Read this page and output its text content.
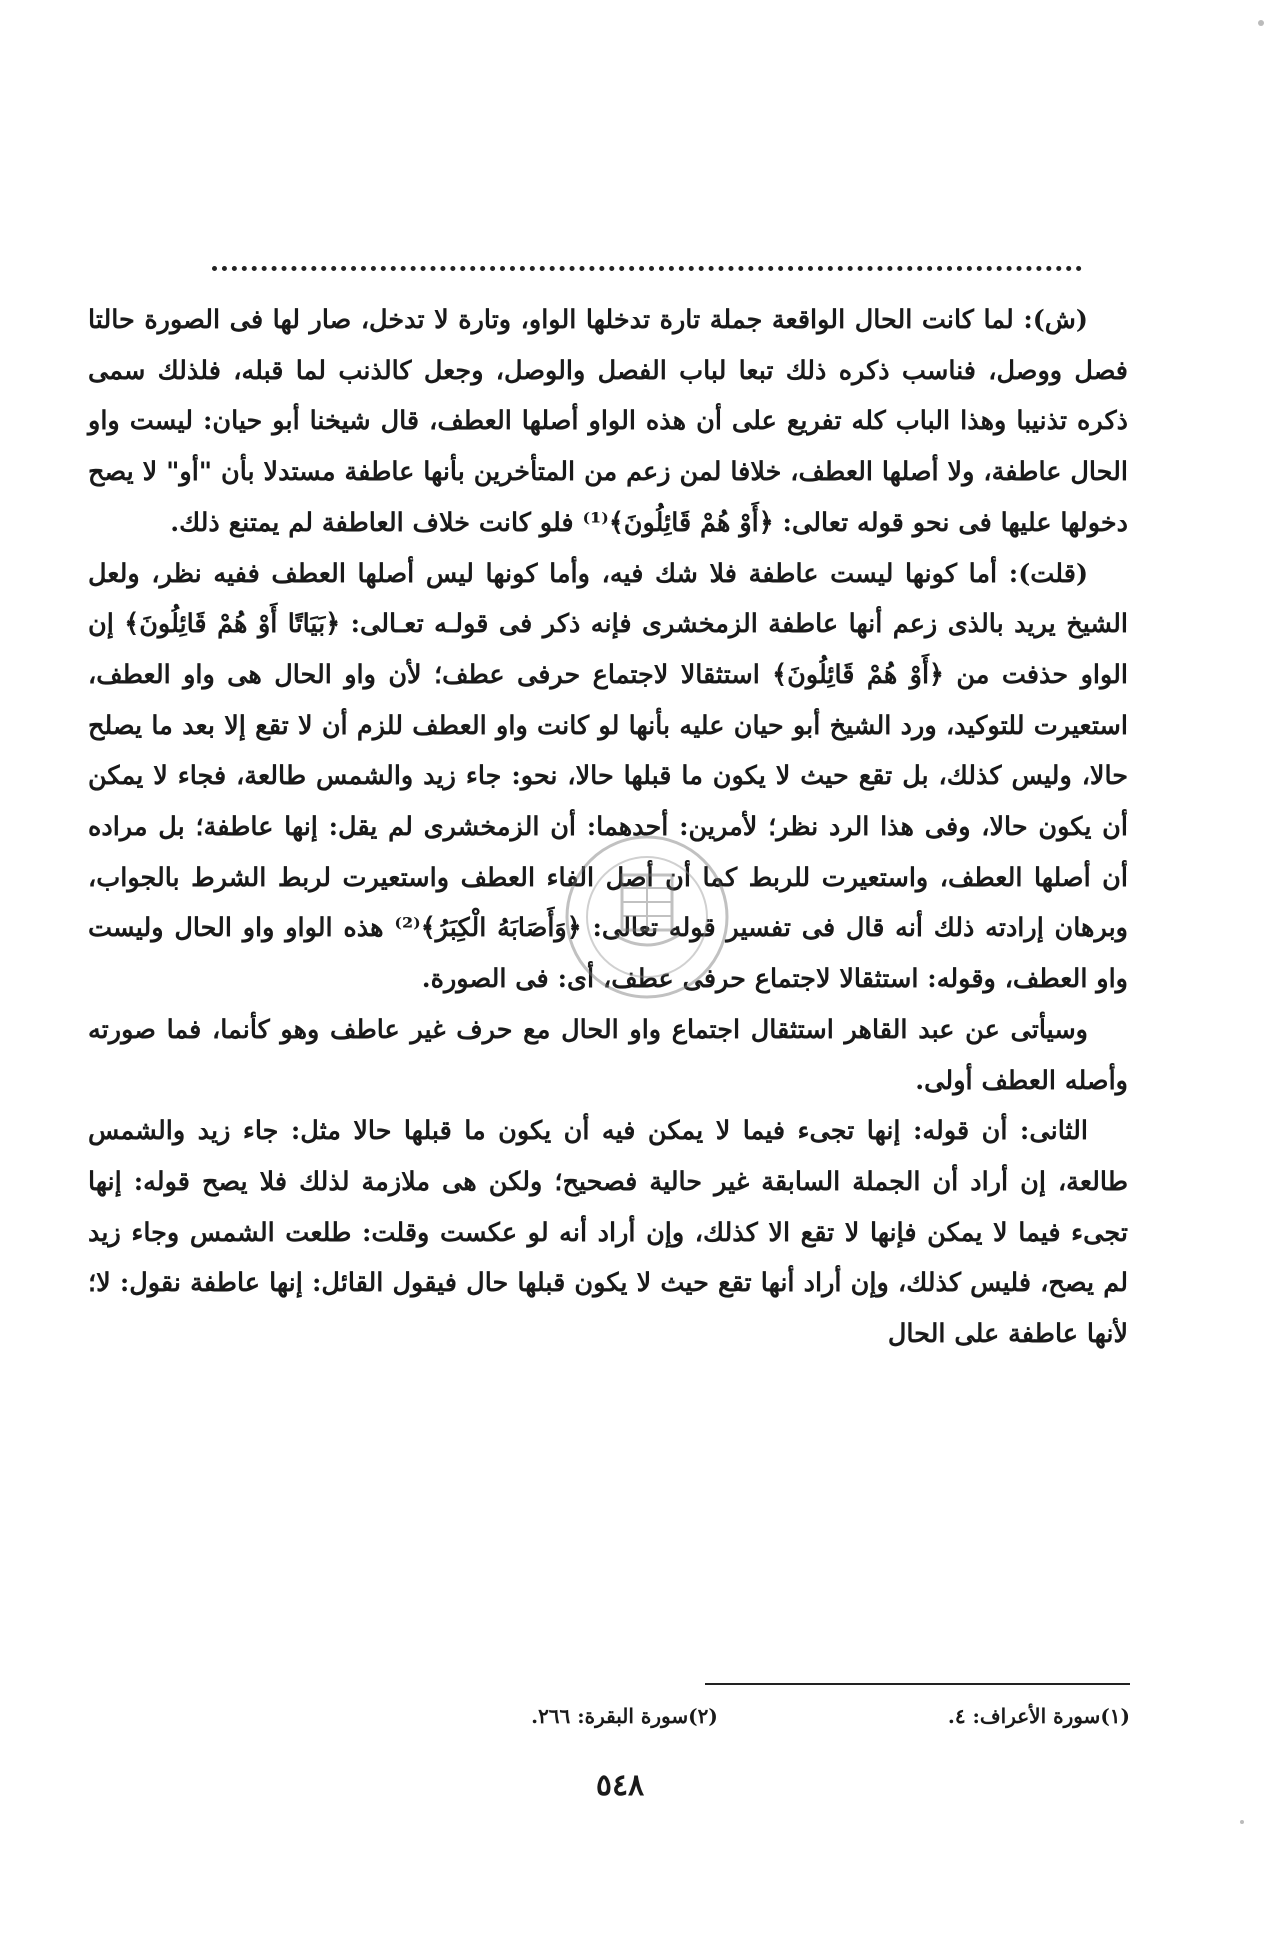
(ش): لما كانت الحال الواقعة جملة تارة تدخلها الواو، وتارة لا تدخل، صار لها فى الصورة حالتا فصل ووصل، فناسب ذكره ذلك تبعا لباب الفصل والوصل، وجعل كالذنب لما قبله، فلذلك سمى ذكره تذنيبا وهذا الباب كله تفريع على أن هذه الواو أصلها العطف، قال شيخنا أبو حيان: ليست واو الحال عاطفة، ولا أصلها العطف، خلافا لمن زعم من المتأخرين بأنها عاطفة مستدلا بأن "أو" لا يصح دخولها عليها فى نحو قوله تعالى: ﴿أَوْ هُمْ قَائِلُونَ﴾⁽¹⁾ فلو كانت خلاف العاطفة لم يمتنع ذلك.

(قلت): أما كونها ليست عاطفة فلا شك فيه، وأما كونها ليس أصلها العطف ففيه نظر، ولعل الشيخ يريد بالذى زعم أنها عاطفة الزمخشرى فإنه ذكر فى قولـه تعـالى: ﴿بَيَاتًا أَوْ هُمْ قَائِلُونَ﴾ إن الواو حذفت من ﴿أَوْ هُمْ قَائِلُونَ﴾ استثقالا لاجتماع حرفى عطف؛ لأن واو الحال هى واو العطف، استعيرت للتوكيد، ورد الشيخ أبو حيان عليه بأنها لو كانت واو العطف للزم أن لا تقع إلا بعد ما يصلح حالا، وليس كذلك، بل تقع حيث لا يكون ما قبلها حالا، نحو: جاء زيد والشمس طالعة، فجاء لا يمكن أن يكون حالا، وفى هذا الرد نظر؛ لأمرين: أحدهما: أن الزمخشرى لم يقل: إنها عاطفة؛ بل مراده أن أصلها العطف، واستعيرت للربط كما أن أصل الفاء العطف واستعيرت لربط الشرط بالجواب، وبرهان إرادته ذلك أنه قال فى تفسير قوله تعالى: ﴿وَأَصَابَهُ الْكِبَرُ﴾⁽²⁾ هذه الواو واو الحال وليست واو العطف، وقوله: استثقالا لاجتماع حرفى عطف، أى: فى الصورة.

وسيأتى عن عبد القاهر استثقال اجتماع واو الحال مع حرف غير عاطف وهو كأنما، فما صورته وأصله العطف أولى.

الثانى: أن قوله: إنها تجىء فيما لا يمكن فيه أن يكون ما قبلها حالا مثل: جاء زيد والشمس طالعة، إن أراد أن الجملة السابقة غير حالية فصحيح؛ ولكن هى ملازمة لذلك فلا يصح قوله: إنها تجىء فيما لا يمكن فإنها لا تقع الا كذلك، وإن أراد أنه لو عكست وقلت: طلعت الشمس وجاء زيد لم يصح، فليس كذلك، وإن أراد أنها تقع حيث لا يكون قبلها حال فيقول القائل: إنها عاطفة نقول: لا؛ لأنها عاطفة على الحال

(١)سورة الأعراف: ٤.
(٢)سورة البقرة: ٢٦٦.
٥٤٨
